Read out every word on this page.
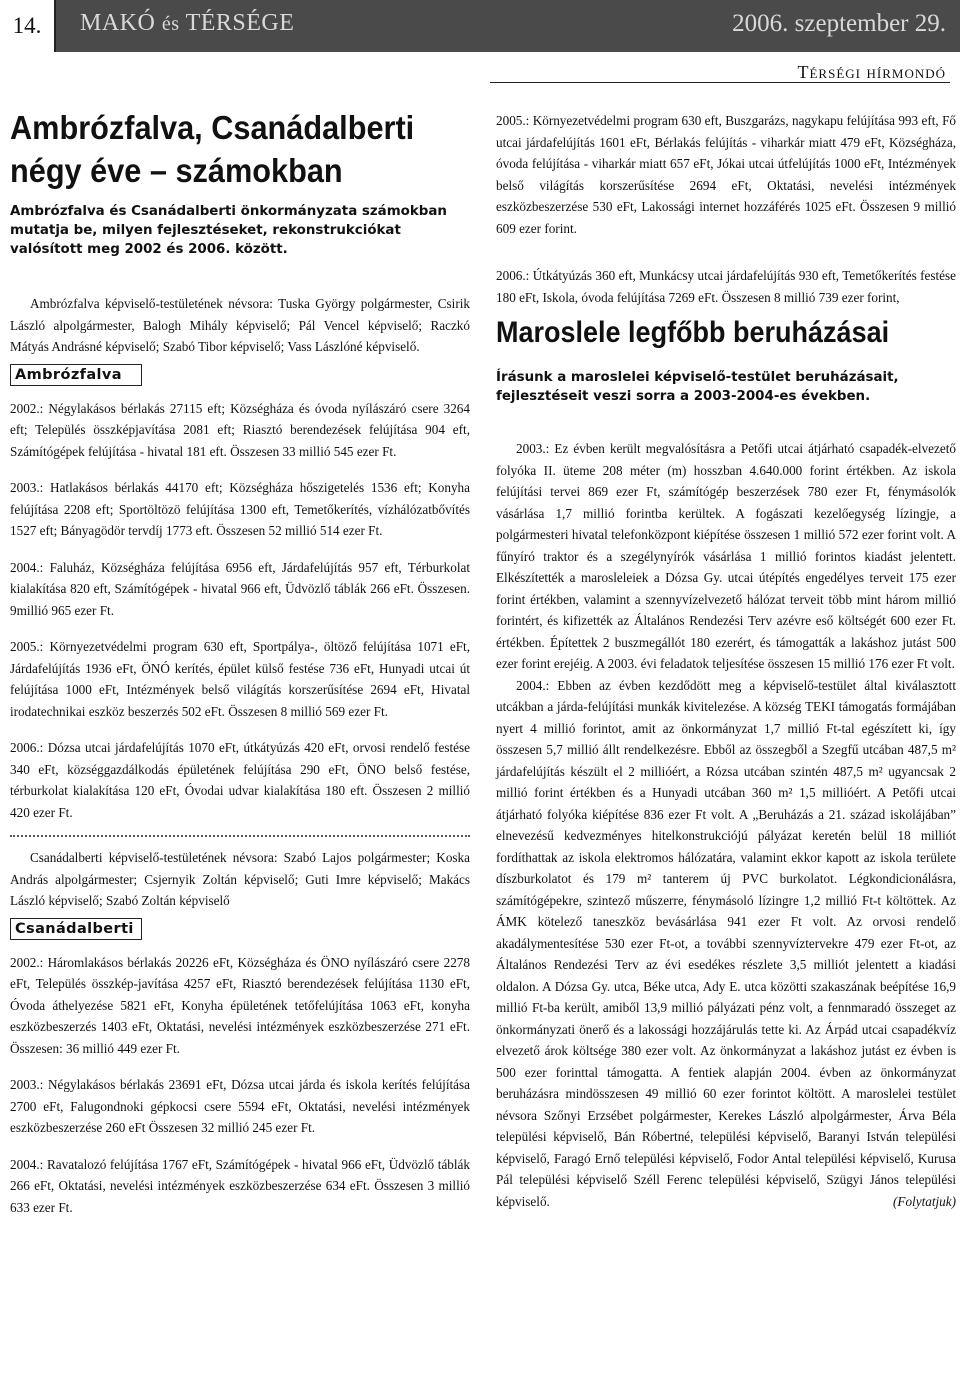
14.	MAKÓ és TÉRSÉGE	2006. szeptember 29.
Térségi hírmondó
Ambrózfalva, Csanádalberti
négy éve – számokban
Ambrózfalva és Csanádalberti önkormányzata számokban mutatja be, milyen fejlesztéseket, rekonstrukciókat valósított meg 2002 és 2006. között.

Ambrózfalva képviselő-testületének névsora: Tuska György polgármester, Csirik László alpolgármester, Balogh Mihály képviselő; Pál Vencel képviselő; Raczkó Mátyás Andrásné képviselő; Szabó Tibor képviselő; Vass Lászlóné képviselő.

Ambrózfalva

2002.: Négylakásos bérlakás 27115 eft; Községháza és óvoda nyílászáró csere 3264 eft; Település összképjavítása 2081 eft; Riasztó berendezések felújítása 904 eft, Számítógépek felújítása - hivatal 181 eft. Összesen 33 millió 545 ezer Ft.

2003.: Hatlakásos bérlakás 44170 eft; Községháza hőszigetelés 1536 eft; Konyha felújítása 2208 eft; Sportöltözö felújítása 1300 eft, Temetőkerítés, vízhálózatbővítés 1527 eft; Bányagödör tervdíj 1773 eft. Összesen 52 millió 514 ezer Ft.

2004.: Faluház, Községháza felújítása 6956 eft, Járdafelújítás 957 eft, Térburkolat kialakítása 820 eft, Számítógépek - hivatal 966 eft, Üdvözlő táblák 266 eFt. Összesen. 9millió 965 ezer Ft.

2005.: Környezetvédelmi program 630 eft, Sportpálya-, öltöző felújítása 1071 eFt, Járdafelújítás 1936 eFt, ÖNÓ kerítés, épület külső festése 736 eFt, Hunyadi utcai út felújítása 1000 eFt, Intézmények belső világítás korszerűsítése 2694 eFt, Hivatal irodatechnikai eszköz beszerzés 502 eFt. Összesen 8 millió 569 ezer Ft.

2006.: Dózsa utcai járdafelújítás 1070 eFt, útkátyúzás 420 eFt, orvosi rendelő festése 340 eFt, községgazdálkodás épületének felújítása 290 eFt, ÖNO belső festése, térburkolat kialakítása 120 eFt, Óvodai udvar kialakítása 180 eft. Összesen 2 millió 420 ezer Ft.

Csanádalberti képviselő-testületének névsora: Szabó Lajos polgármester; Koska András alpolgármester; Csjernyik Zoltán képviselő; Guti Imre képviselő; Makács László képviselő; Szabó Zoltán képviselő

Csanádalberti

2002.: Háromlakásos bérlakás 20226 eFt, Községháza és ÖNO nyílászáró csere 2278 eFt, Település összkép-javítása 4257 eFt, Riasztó berendezések felújítása 1130 eFt, Óvoda áthelyezése 5821 eFt, Konyha épületének tetőfelújítása 1063 eFt, konyha eszközbeszerzés 1403 eFt, Oktatási, nevelési intézmények eszközbeszerzése 271 eFt. Összesen: 36 millió 449 ezer Ft.

2003.: Négylakásos bérlakás 23691 eFt, Dózsa utcai járda és iskola kerítés felújítása 2700 eFt, Falugondnoki gépkocsi csere 5594 eFt, Oktatási, nevelési intézmények eszközbeszerzése 260 eFt Összesen 32 millió 245 ezer Ft.

2004.: Ravatalozó felújítása 1767 eFt, Számítógépek - hivatal 966 eFt, Üdvözlő táblák 266 eFt, Oktatási, nevelési intézmények eszközbeszerzése 634 eFt. Összesen 3 millió 633 ezer Ft.

2005.: Környezetvédelmi program 630 eft, Buszgarázs, nagykapu felújítása 993 eft, Fő utcai járdafelújítás 1601 eFt, Bérlakás felújítás - viharkár miatt 479 eFt, Községháza, óvoda felújítása - viharkár miatt 657 eFt, Jókai utcai útfelújítás 1000 eFt, Intézmények belső világítás korszerűsítése 2694 eFt, Oktatási, nevelési intézmények eszközbeszerzése 530 eFt, Lakossági internet hozzáférés 1025 eFt. Összesen 9 millió 609 ezer forint.

2006.: Útkátyúzás 360 eft, Munkácsy utcai járdafelújítás 930 eft, Temetőkerítés festése 180 eFt, Iskola, óvoda felújítása 7269 eFt. Összesen 8 millió 739 ezer forint,

Maroslele legfőbb beruházásai
Írásunk a maroslelei képviselő-testület beruházásait, fejlesztéseit veszi sorra a 2003-2004-es években.

2003.: Ez évben került megvalósításra a Petőfi utcai átjárható csapadék-elvezető folyóka II. üteme 208 méter (m) hosszban 4.640.000 forint értékben. Az iskola felújítási tervei 869 ezer Ft, számítógép beszerzések 780 ezer Ft, fénymásolók vásárlása 1,7 millió forintba kerültek. A fogászati kezelőegység lízingje, a polgármesteri hivatal telefonközpont kiépítése összesen 1 millió 572 ezer forint volt. A fűnyíró traktor és a szegélynyírók vásárlása 1 millió forintos kiadást jelentett. Elkészítették a marosleleiek a Dózsa Gy. utcai útépítés engedélyes terveit 175 ezer forint értékben, valamint a szennyvízelvezető hálózat terveit több mint három millió forintért, és kifizették az Általános Rendezési Terv azévre eső költségét 600 ezer Ft. értékben. Építettek 2 buszmegállót 180 ezerért, és támogatták a lakáshoz jutást 500 ezer forint erejéig. A 2003. évi feladatok teljesítése összesen 15 millió 176 ezer Ft volt.

2004.: Ebben az évben kezdődött meg a képviselő-testület által kiválasztott utcákban a járda-felújítási munkák kivitelezése. A község TEKI támogatás formájában nyert 4 millió forintot, amit az önkormányzat 1,7 millió Ft-tal egészített ki, így összesen 5,7 millió állt rendelkezésre. Ebből az összegből a Szegfű utcában 487,5 m² járdafelújítás készült el 2 millióért, a Rózsa utcában szintén 487,5 m² ugyancsak 2 millió forint értékben és a Hunyadi utcában 360 m² 1,5 millióért. A Petőfi utcai átjárható folyóka kiépítése 836 ezer Ft volt. A „Beruházás a 21. század iskolájában” elnevezésű kedvezményes hitelkonstrukciójú pályázat keretén belül 18 milliót fordíthattak az iskola elektromos hálózatára, valamint ekkor kapott az iskola területe díszburkolatot és 179 m² tanterem új PVC burkolatot. Légkondicionálásra, számítógépekre, szintező műszerre, fénymásoló lízingre 1,2 millió Ft-t költöttek. Az ÁMK kötelező taneszköz bevásárlása 941 ezer Ft volt. Az orvosi rendelő akadálymentesítése 530 ezer Ft-ot, a további szennyvíztervekre 479 ezer Ft-ot, az Általános Rendezési Terv az évi esedékes részlete 3,5 milliót jelentett a kiadási oldalon. A Dózsa Gy. utca, Béke utca, Ady E. utca közötti szakaszának beépítése 16,9 millió Ft-ba került, amiből 13,9 millió pályázati pénz volt, a fennmaradó összeget az önkormányzati önerő és a lakossági hozzájárulás tette ki. Az Árpád utcai csapadékvíz elvezető árok költsége 380 ezer volt. Az önkormányzat a lakáshoz jutást ez évben is 500 ezer forinttal támogatta. A fentiek alapján 2004. évben az önkormányzat beruházásra mindösszesen 49 millió 60 ezer forintot költött. A maroslelei testület névsora Szőnyi Erzsébet polgármester, Kerekes László alpolgármester, Árva Béla települési képviselő, Bán Róbertné, települési képviselő, Baranyi István települési képviselő, Faragó Ernő települési képviselő, Fodor Antal települési képviselő, Kurusa Pál települési képviselő Széll Ferenc települési képviselő, Szügyi János települési képviselő.	(Folytatjuk)
